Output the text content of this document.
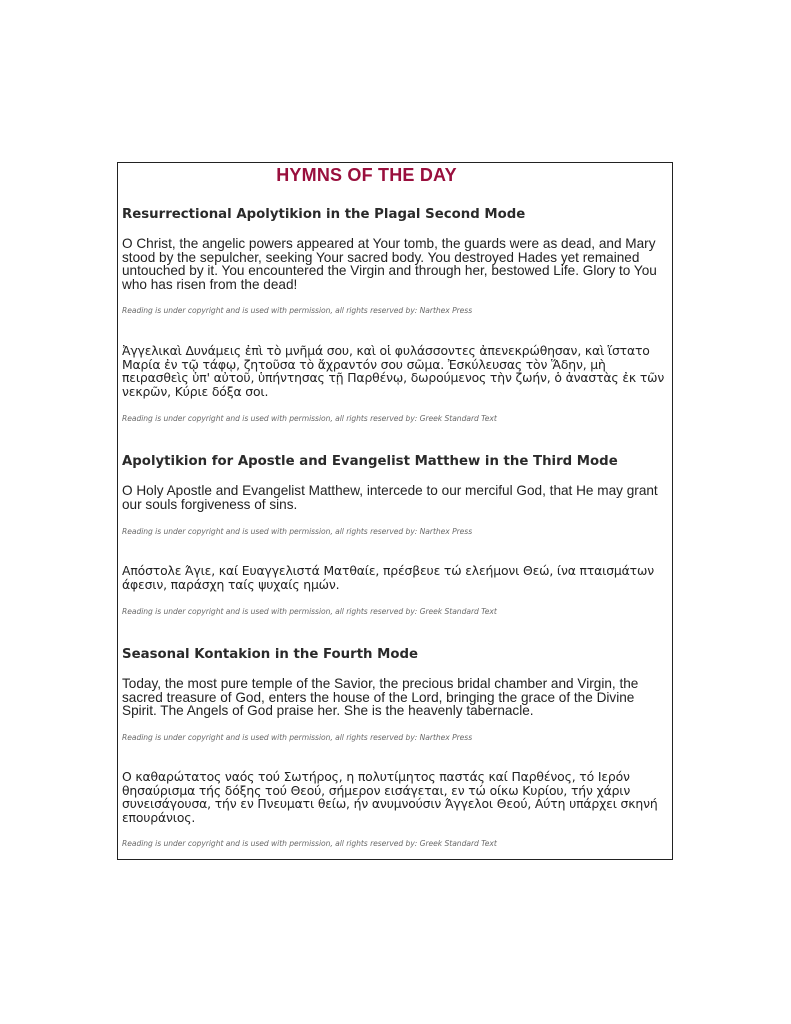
HYMNS OF THE DAY

Resurrectional Apolytikion in the Plagal Second Mode

O Christ, the angelic powers appeared at Your tomb, the guards were as dead, and Mary stood by the sepulcher, seeking Your sacred body. You destroyed Hades yet remained untouched by it. You encountered the Virgin and through her, bestowed Life. Glory to You who has risen from the dead!

Reading is under copyright and is used with permission, all rights reserved by: Narthex Press

Ἀγγελικαὶ Δυνάμεις ἐπὶ τὸ μνῆμά σου, καὶ οἱ φυλάσσοντες ἀπενεκρώθησαν, καὶ ἵστατο Μαρία ἐν τῷ τάφῳ, ζητοῦσα τὸ ἄχραντόν σου σῶμα. Ἐσκύλευσας τὸν Ἅδην, μὴ πειρασθεὶς ὑπ' αὐτοῦ, ὑπήντησας τῇ Παρθένῳ, δωρούμενος τὴν ζωήν, ὁ ἀναστὰς ἐκ τῶν νεκρῶν, Κύριε δόξα σοι.

Reading is under copyright and is used with permission, all rights reserved by: Greek Standard Text

Apolytikion for Apostle and Evangelist Matthew in the Third Mode

O Holy Apostle and Evangelist Matthew, intercede to our merciful God, that He may grant our souls forgiveness of sins.

Reading is under copyright and is used with permission, all rights reserved by: Narthex Press

Απόστολε Άγιε, καί Ευαγγελιστά Ματθαίε, πρέσβευε τώ ελεήμονι Θεώ, ίνα πταισμάτων άφεσιν, παράσχη ταίς ψυχαίς ημών.

Reading is under copyright and is used with permission, all rights reserved by: Greek Standard Text

Seasonal Kontakion in the Fourth Mode

Today, the most pure temple of the Savior, the precious bridal chamber and Virgin, the sacred treasure of God, enters the house of the Lord, bringing the grace of the Divine Spirit. The Angels of God praise her. She is the heavenly tabernacle.

Reading is under copyright and is used with permission, all rights reserved by: Narthex Press

Ο καθαρώτατος ναός τού Σωτήρος, η πολυτίμητος παστάς καί Παρθένος, τό Ιερόν θησαύρισμα τής δόξης τού Θεού, σήμερον εισάγεται, εν τώ οίκω Κυρίου, τήν χάριν συνεισάγουσα, τήν εν Πνευματι θείω, ήν ανυμνούσιν Άγγελοι Θεού, Αύτη υπάρχει σκηνή επουράνιος.

Reading is under copyright and is used with permission, all rights reserved by: Greek Standard Text
